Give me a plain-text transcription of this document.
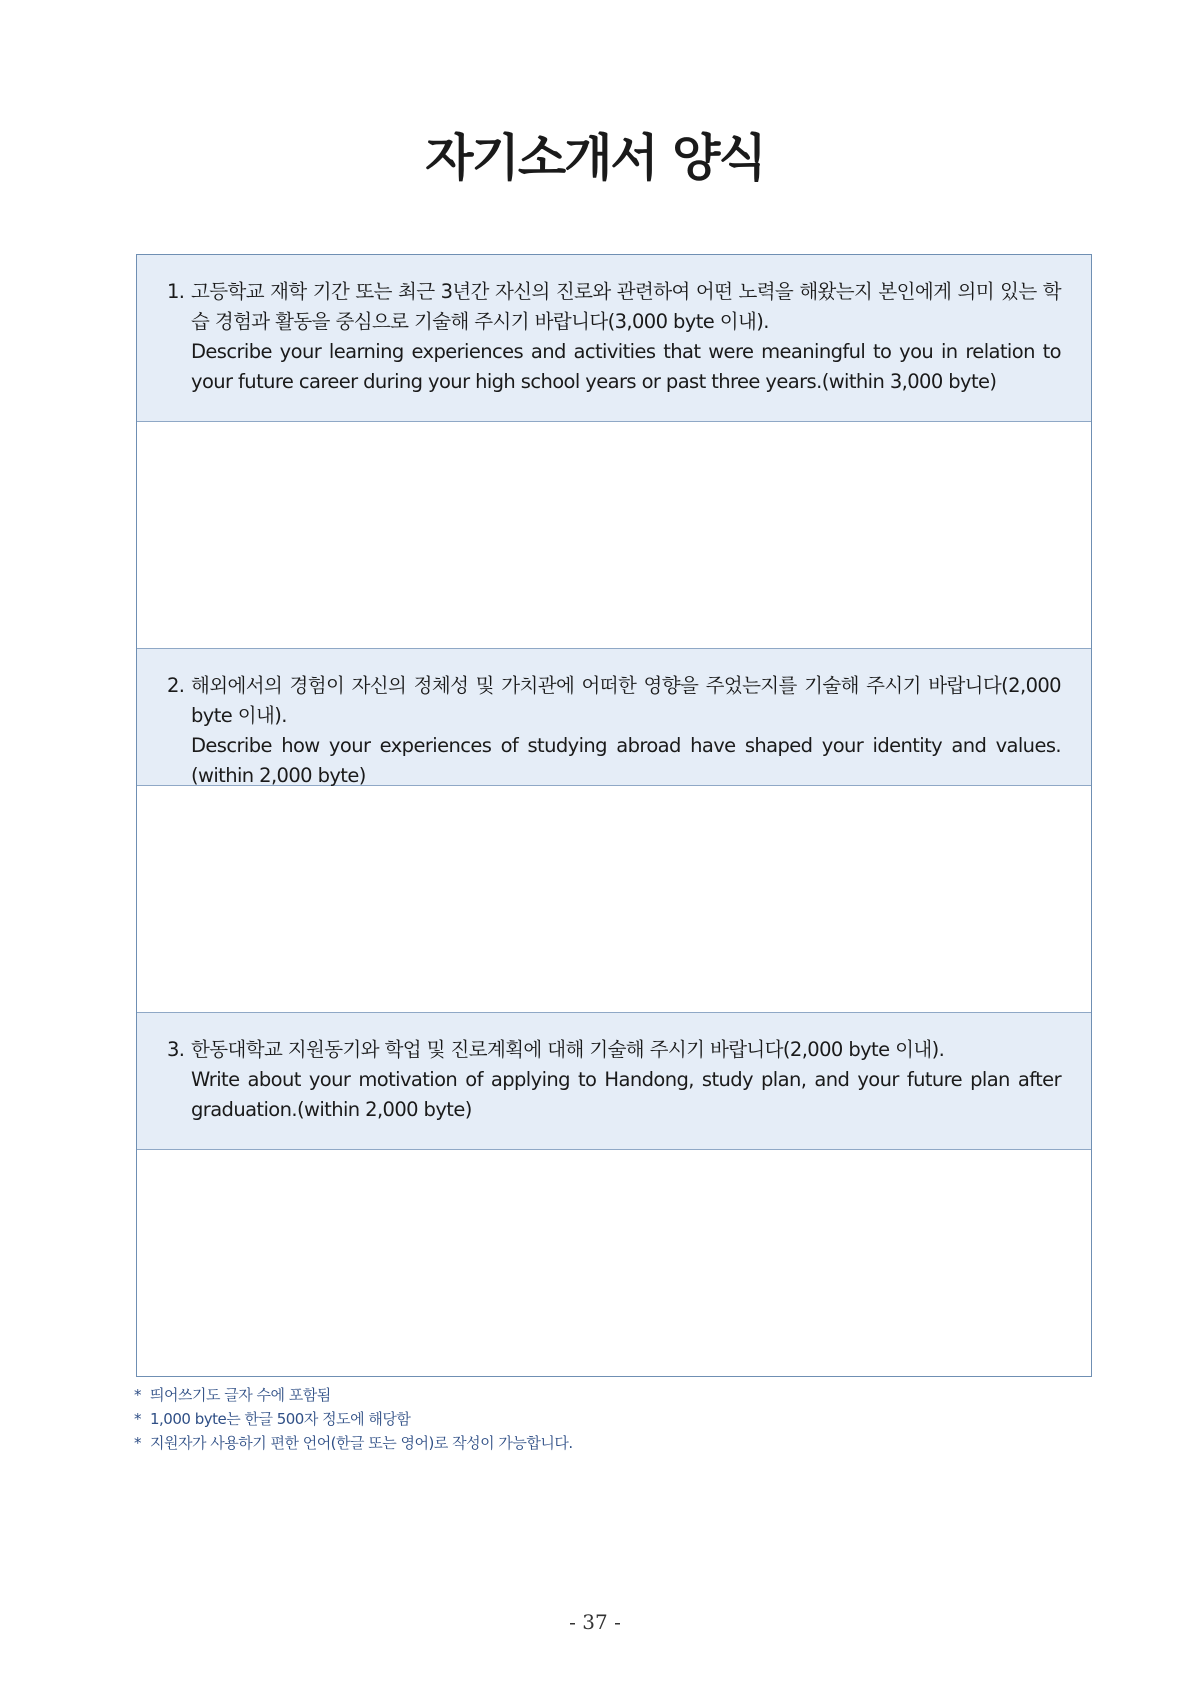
자기소개서 양식
1. 고등학교 재학 기간 또는 최근 3년간 자신의 진로와 관련하여 어떤 노력을 해왔는지 본인에게 의미 있는 학습 경험과 활동을 중심으로 기술해 주시기 바랍니다(3,000 byte 이내).

Describe your learning experiences and activities that were meaningful to you in relation to your future career during your high school years or past three years.(within 3,000 byte)

2. 해외에서의 경험이 자신의 정체성 및 가치관에 어떠한 영향을 주었는지를 기술해 주시기 바랍니다(2,000 byte 이내).

Describe how your experiences of studying abroad have shaped your identity and values.(within 2,000 byte)

3. 한동대학교 지원동기와 학업 및 진로계획에 대해 기술해 주시기 바랍니다(2,000 byte 이내).

Write about your motivation of applying to Handong, study plan, and your future plan after graduation.(within 2,000 byte)

* 띄어쓰기도 글자 수에 포함됨
* 1,000 byte는 한글 500자 정도에 해당함
* 지원자가 사용하기 편한 언어(한글 또는 영어)로 작성이 가능합니다.
- 37 -
